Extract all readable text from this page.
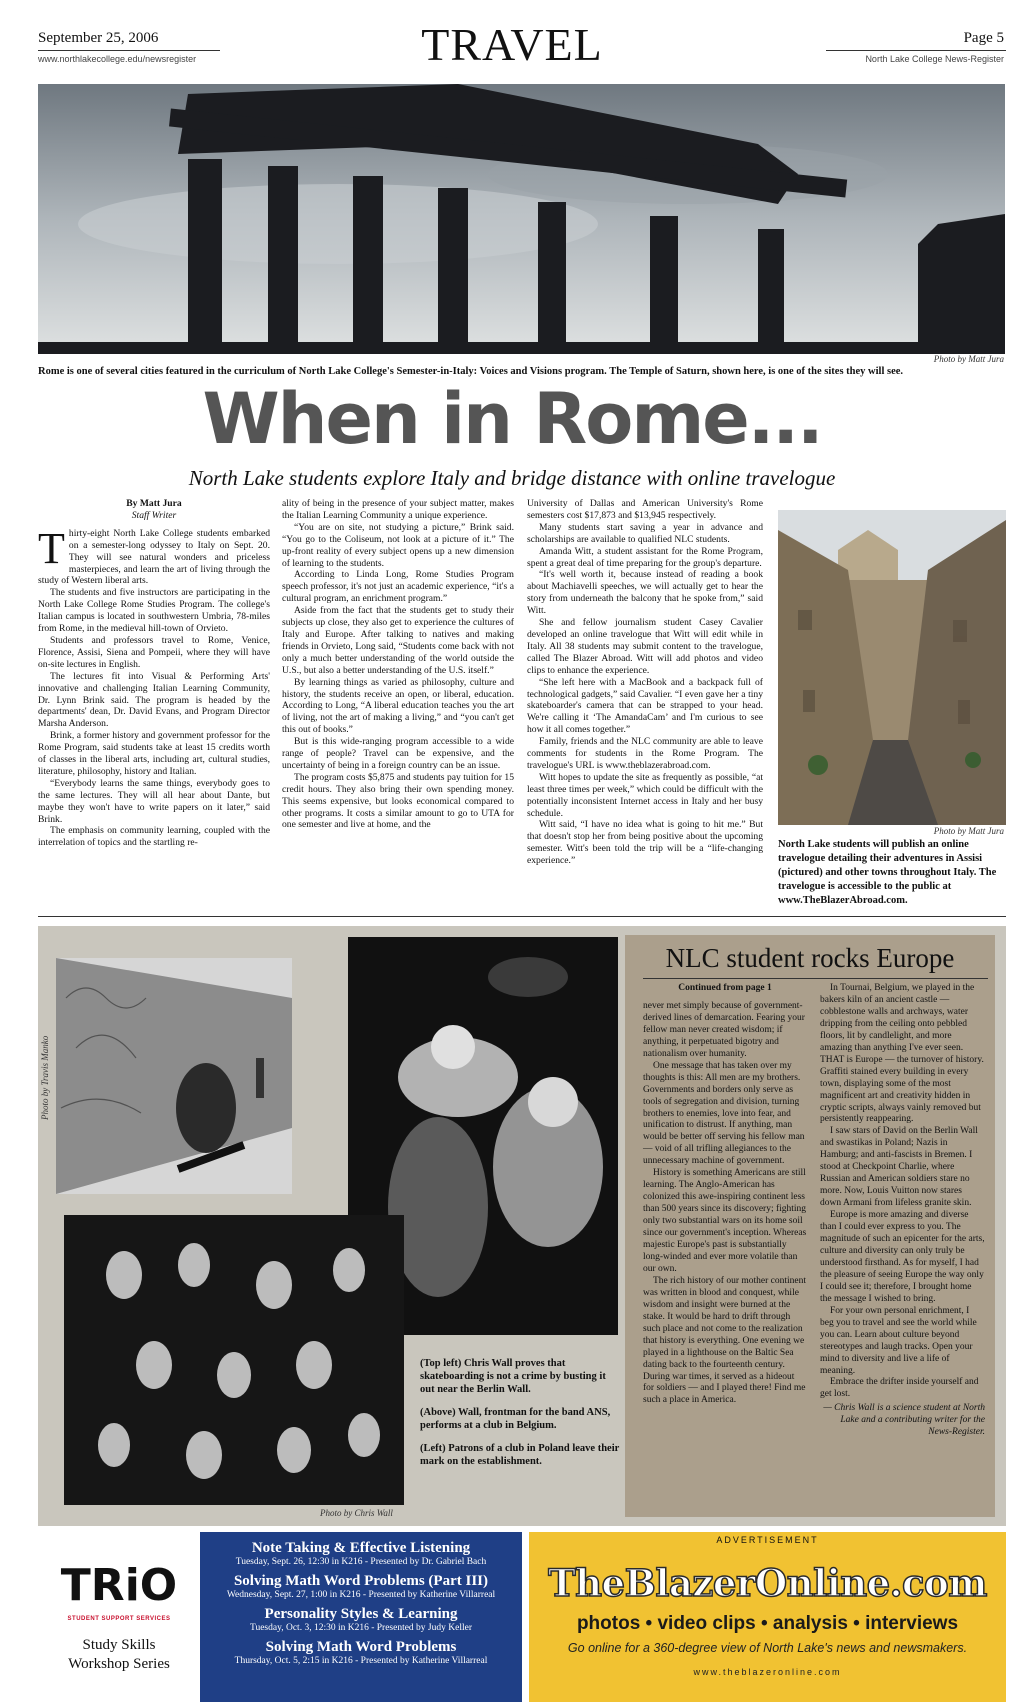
September 25, 2006
www.northlakecollege.edu/newsregister	TRAVEL	Page 5
North Lake College News-Register
Photo by Matt Jura
Rome is one of several cities featured in the curriculum of North Lake College's Semester-in-Italy: Voices and Visions program. The Temple of Saturn, shown here, is one of the sites they will see.
When in Rome...
North Lake students explore Italy and bridge distance with online travelogue
By Matt Jura
Staff Writer
T hirty-eight North Lake College students embarked on a semester-long odyssey to Italy on Sept. 20. They will see natural wonders and priceless masterpieces, and learn the art of living through the study of Western liberal arts.

The students and five instructors are participating in the North Lake College Rome Studies Program. The college's Italian campus is located in southwestern Umbria, 78-miles from Rome, in the medieval hill-town of Orvieto.

Students and professors travel to Rome, Venice, Florence, Assisi, Siena and Pompeii, where they will have on-site lectures in English.

The lectures fit into Visual & Performing Arts' innovative and challenging Italian Learning Community, Dr. Lynn Brink said. The program is headed by the departments' dean, Dr. David Evans, and Program Director Marsha Anderson.

Brink, a former history and government professor for the Rome Program, said students take at least 15 credits worth of classes in the liberal arts, including art, cultural studies, literature, philosophy, history and Italian.

“Everybody learns the same things, everybody goes to the same lectures. They will all hear about Dante, but maybe they won't have to write papers on it later,” said Brink.

The emphasis on community learning, coupled with the interrelation of topics and the startling re-

ality of being in the presence of your subject matter, makes the Italian Learning Community a unique experience.

“You are on site, not studying a picture,” Brink said. “You go to the Coliseum, not look at a picture of it.” The up-front reality of every subject opens up a new dimension of learning to the students.

According to Linda Long, Rome Studies Program speech professor, it's not just an academic experience, “it's a cultural program, an enrichment program.”

Aside from the fact that the students get to study their subjects up close, they also get to experience the cultures of Italy and Europe. After talking to natives and making friends in Orvieto, Long said, “Students come back with not only a much better understanding of the world outside the U.S., but also a better understanding of the U.S. itself.”

By learning things as varied as philosophy, culture and history, the students receive an open, or liberal, education. According to Long, “A liberal education teaches you the art of living, not the art of making a living,” and “you can't get this out of books.”

But is this wide-ranging program accessible to a wide range of people? Travel can be expensive, and the uncertainty of being in a foreign country can be an issue.

The program costs $5,875 and students pay tuition for 15 credit hours. They also bring their own spending money. This seems expensive, but looks economical compared to other programs. It costs a similar amount to go to UTA for one semester and live at home, and the

University of Dallas and American University's Rome semesters cost $17,873 and $13,945 respectively.

Many students start saving a year in advance and scholarships are available to qualified NLC students.

Amanda Witt, a student assistant for the Rome Program, spent a great deal of time preparing for the group's departure.

“It's well worth it, because instead of reading a book about Machiavelli speeches, we will actually get to hear the story from underneath the balcony that he spoke from,” said Witt.

She and fellow journalism student Casey Cavalier developed an online travelogue that Witt will edit while in Italy. All 38 students may submit content to the travelogue, called The Blazer Abroad. Witt will add photos and video clips to enhance the experience.

“She left here with a MacBook and a backpack full of technological gadgets,” said Cavalier. “I even gave her a tiny skateboarder's camera that can be strapped to your head. We're calling it ‘The AmandaCam’ and I'm curious to see how it all comes together.”

Family, friends and the NLC community are able to leave comments for students in the Rome Program. The travelogue's URL is www.theblazerabroad.com.

Witt hopes to update the site as frequently as possible, “at least three times per week,” which could be difficult with the potentially inconsistent Internet access in Italy and her busy schedule.

Witt said, “I have no idea what is going to hit me.” But that doesn't stop her from being positive about the upcoming semester. Witt's been told the trip will be a “life-changing experience.”

Photo by Matt Jura
North Lake students will publish an online travelogue detailing their adventures in Assisi (pictured) and other towns throughout Italy. The travelogue is accessible to the public at www.TheBlazerAbroad.com.
Photo by Travis Manko
Photo by Chris Wall

(Top left) Chris Wall proves that skateboarding is not a crime by busting it out near the Berlin Wall.

(Above) Wall, frontman for the band ANS, performs at a club in Belgium.

(Left) Patrons of a club in Poland leave their mark on the establishment.

NLC student rocks Europe
Continued from page 1

never met simply because of government-derived lines of demarcation. Fearing your fellow man never created wisdom; if anything, it perpetuated bigotry and nationalism over humanity.

One message that has taken over my thoughts is this: All men are my brothers. Governments and borders only serve as tools of segregation and division, turning brothers to enemies, love into fear, and unification to distrust. If anything, man would be better off serving his fellow man — void of all trifling allegiances to the unnecessary machine of government.

History is something Americans are still learning. The Anglo-American has colonized this awe-inspiring continent less than 500 years since its discovery; fighting only two substantial wars on its home soil since our government's inception. Whereas majestic Europe's past is substantially long-winded and ever more volatile than our own.

The rich history of our mother continent was written in blood and conquest, while wisdom and insight were burned at the stake. It would be hard to drift through such place and not come to the realization that history is everything. One evening we played in a lighthouse on the Baltic Sea dating back to the fourteenth century. During war times, it served as a hideout for soldiers — and I played there! Find me such a place in America.

In Tournai, Belgium, we played in the bakers kiln of an ancient castle — cobblestone walls and archways, water dripping from the ceiling onto pebbled floors, lit by candlelight, and more amazing than anything I've ever seen. THAT is Europe — the turnover of history. Graffiti stained every building in every town, displaying some of the most magnificent art and creativity hidden in cryptic scripts, always vainly removed but persistently reappearing.

I saw stars of David on the Berlin Wall and swastikas in Poland; Nazis in Hamburg; and anti-fascists in Bremen. I stood at Checkpoint Charlie, where Russian and American soldiers stare no more. Now, Louis Vuitton now stares down Armani from lifeless granite skin.

Europe is more amazing and diverse than I could ever express to you. The magnitude of such an epicenter for the arts, culture and diversity can only truly be understood firsthand. As for myself, I had the pleasure of seeing Europe the way only I could see it; therefore, I brought home the message I wished to bring.

For your own personal enrichment, I beg you to travel and see the world while you can. Learn about culture beyond stereotypes and laugh tracks. Open your mind to diversity and live a life of meaning.

Embrace the drifter inside yourself and get lost.

— Chris Wall is a science student at North Lake and a contributing writer for the News-Register.

TRiO
STUDENT SUPPORT SERVICES
Study Skills Workshop Series
Note Taking & Effective Listening
Tuesday, Sept. 26, 12:30 in K216 - Presented by Dr. Gabriel Bach
Solving Math Word Problems (Part III)
Wednesday, Sept. 27, 1:00 in K216 - Presented by Katherine Villarreal
Personality Styles & Learning
Tuesday, Oct. 3, 12:30 in K216 - Presented by Judy Keller
Solving Math Word Problems
Thursday, Oct. 5, 2:15 in K216 - Presented by Katherine Villarreal
ADVERTISEMENT
TheBlazerOnline.com
photos • video clips • analysis • interviews
Go online for a 360-degree view of North Lake's news and newsmakers.
www.theblazeronline.com
